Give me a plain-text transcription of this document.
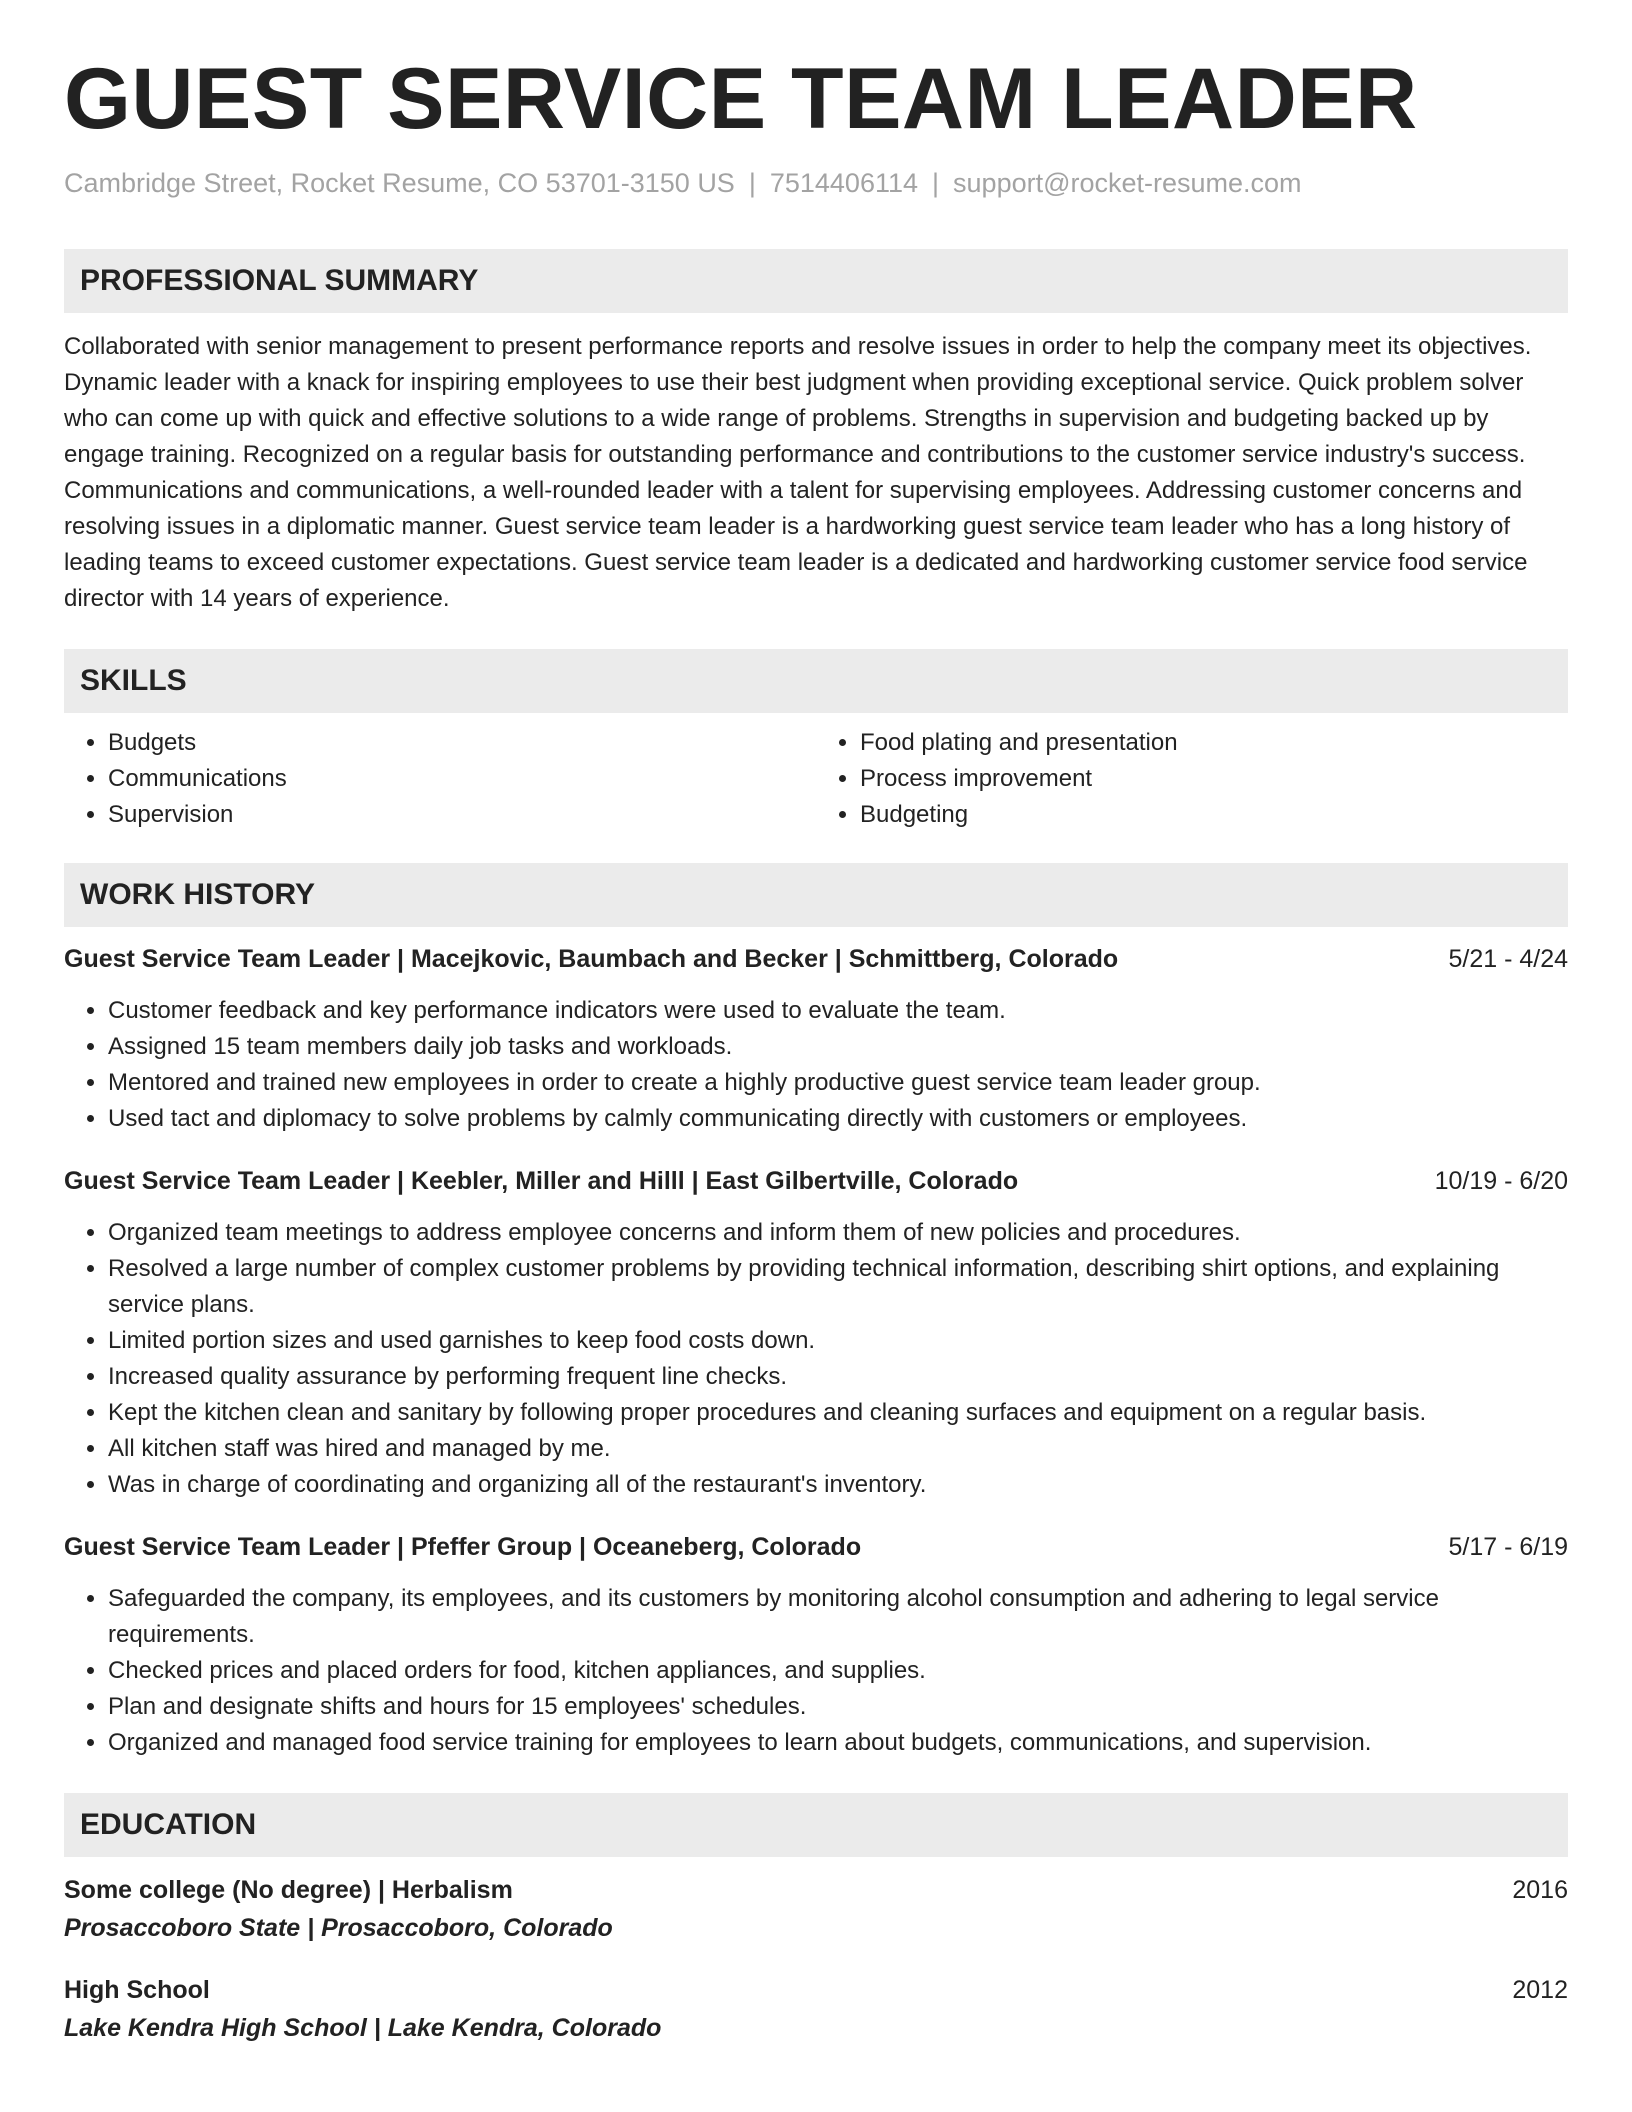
GUEST SERVICE TEAM LEADER
Cambridge Street, Rocket Resume, CO 53701-3150 US | 7514406114 | support@rocket-resume.com
PROFESSIONAL SUMMARY
Collaborated with senior management to present performance reports and resolve issues in order to help the company meet its objectives. Dynamic leader with a knack for inspiring employees to use their best judgment when providing exceptional service. Quick problem solver who can come up with quick and effective solutions to a wide range of problems. Strengths in supervision and budgeting backed up by engage training. Recognized on a regular basis for outstanding performance and contributions to the customer service industry's success. Communications and communications, a well-rounded leader with a talent for supervising employees. Addressing customer concerns and resolving issues in a diplomatic manner. Guest service team leader is a hardworking guest service team leader who has a long history of leading teams to exceed customer expectations. Guest service team leader is a dedicated and hardworking customer service food service director with 14 years of experience.
SKILLS
• Budgets
• Communications
• Supervision
• Food plating and presentation
• Process improvement
• Budgeting
WORK HISTORY
Guest Service Team Leader | Macejkovic, Baumbach and Becker | Schmittberg, Colorado	5/21 - 4/24
• Customer feedback and key performance indicators were used to evaluate the team.
• Assigned 15 team members daily job tasks and workloads.
• Mentored and trained new employees in order to create a highly productive guest service team leader group.
• Used tact and diplomacy to solve problems by calmly communicating directly with customers or employees.
Guest Service Team Leader | Keebler, Miller and Hilll | East Gilbertville, Colorado	10/19 - 6/20
• Organized team meetings to address employee concerns and inform them of new policies and procedures.
• Resolved a large number of complex customer problems by providing technical information, describing shirt options, and explaining service plans.
• Limited portion sizes and used garnishes to keep food costs down.
• Increased quality assurance by performing frequent line checks.
• Kept the kitchen clean and sanitary by following proper procedures and cleaning surfaces and equipment on a regular basis.
• All kitchen staff was hired and managed by me.
• Was in charge of coordinating and organizing all of the restaurant's inventory.
Guest Service Team Leader | Pfeffer Group | Oceaneberg, Colorado	5/17 - 6/19
• Safeguarded the company, its employees, and its customers by monitoring alcohol consumption and adhering to legal service requirements.
• Checked prices and placed orders for food, kitchen appliances, and supplies.
• Plan and designate shifts and hours for 15 employees' schedules.
• Organized and managed food service training for employees to learn about budgets, communications, and supervision.
EDUCATION
Some college (No degree) | Herbalism	2016
Prosaccoboro State | Prosaccoboro, Colorado
High School	2012
Lake Kendra High School | Lake Kendra, Colorado
